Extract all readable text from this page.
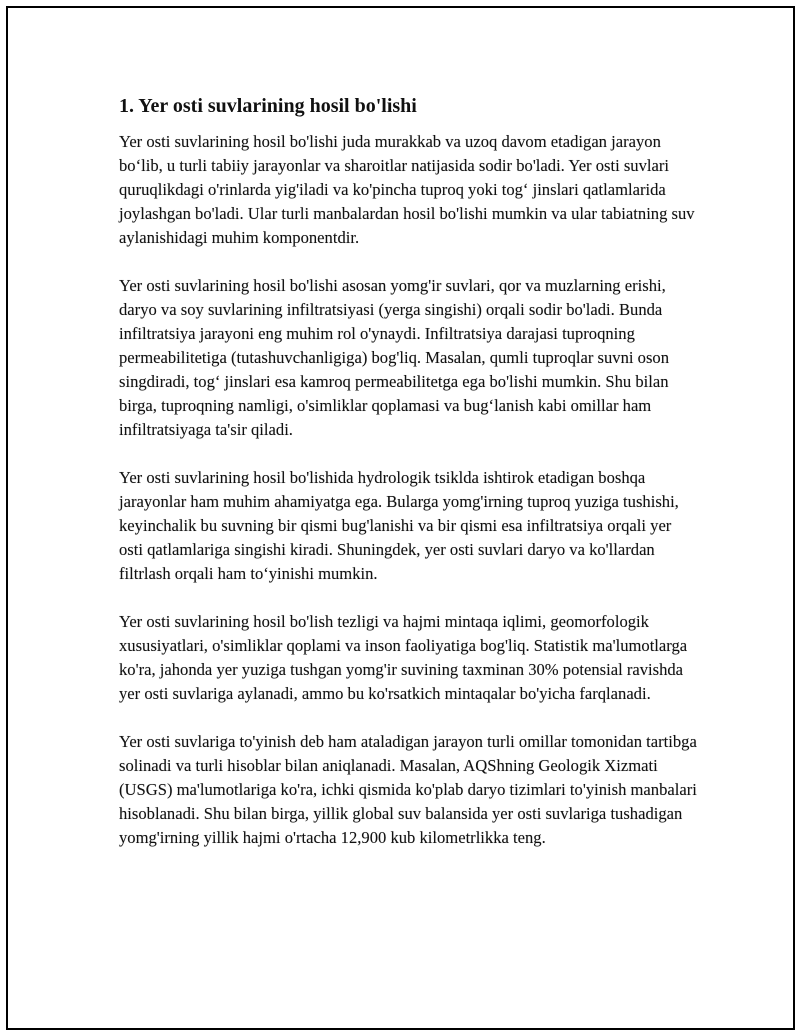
1. Yer osti suvlarining hosil bo'lishi

Yer osti suvlarining hosil bo'lishi juda murakkab va uzoq davom etadigan jarayon bo‘lib, u turli tabiiy jarayonlar va sharoitlar natijasida sodir bo'ladi. Yer osti suvlari quruqlikdagi o'rinlarda yig'iladi va ko'pincha tuproq yoki tog‘ jinslari qatlamlarida joylashgan bo'ladi. Ular turli manbalardan hosil bo'lishi mumkin va ular tabiatning suv aylanishidagi muhim komponentdir.

Yer osti suvlarining hosil bo'lishi asosan yomg'ir suvlari, qor va muzlarning erishi, daryo va soy suvlarining infiltratsiyasi (yerga singishi) orqali sodir bo'ladi. Bunda infiltratsiya jarayoni eng muhim rol o'ynaydi. Infiltratsiya darajasi tuproqning permeabilitetiga (tutashuvchanligiga) bog'liq. Masalan, qumli tuproqlar suvni oson singdiradi, tog‘ jinslari esa kamroq permeabilitetga ega bo'lishi mumkin. Shu bilan birga, tuproqning namligi, o'simliklar qoplamasi va bug‘lanish kabi omillar ham infiltratsiyaga ta'sir qiladi.

Yer osti suvlarining hosil bo'lishida hydrologik tsiklda ishtirok etadigan boshqa jarayonlar ham muhim ahamiyatga ega. Bularga yomg'irning tuproq yuziga tushishi, keyinchalik bu suvning bir qismi bug'lanishi va bir qismi esa infiltratsiya orqali yer osti qatlamlariga singishi kiradi. Shuningdek, yer osti suvlari daryo va ko'llardan filtrlash orqali ham to‘yinishi mumkin.

Yer osti suvlarining hosil bo'lish tezligi va hajmi mintaqa iqlimi, geomorfologik xususiyatlari, o'simliklar qoplami va inson faoliyatiga bog'liq. Statistik ma'lumotlarga ko'ra, jahonda yer yuziga tushgan yomg'ir suvining taxminan 30% potensial ravishda yer osti suvlariga aylanadi, ammo bu ko'rsatkich mintaqalar bo'yicha farqlanadi.

Yer osti suvlariga to'yinish deb ham ataladigan jarayon turli omillar tomonidan tartibga solinadi va turli hisoblar bilan aniqlanadi. Masalan, AQShning Geologik Xizmati (USGS) ma'lumotlariga ko'ra, ichki qismida ko'plab daryo tizimlari to'yinish manbalari hisoblanadi. Shu bilan birga, yillik global suv balansida yer osti suvlariga tushadigan yomg'irning yillik hajmi o'rtacha 12,900 kub kilometrlikka teng.
